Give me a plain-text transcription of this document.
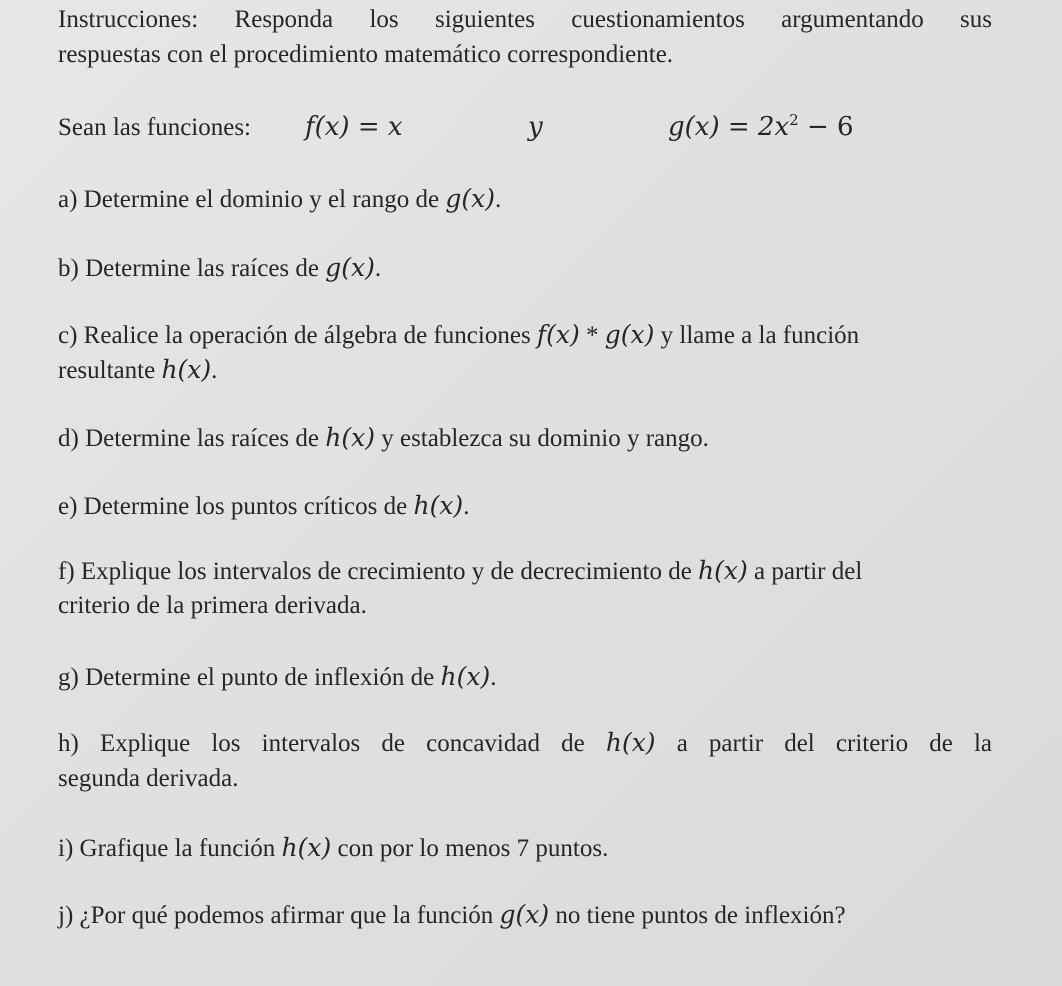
Instrucciones: Responda los siguientes cuestionamientos argumentando sus
respuestas con el procedimiento matemático correspondiente.
Sean las funciones: f(x) = x	y	$g(x) = 2x^2 - 6$
a) Determine el dominio y el rango de g(x).
b) Determine las raíces de g(x).
c) Realice la operación de álgebra de funciones f(x) * g(x) y llame a la función
resultante h(x).
d) Determine las raíces de h(x) y establezca su dominio y rango.
e) Determine los puntos críticos de h(x).
f) Explique los intervalos de crecimiento y de decrecimiento de h(x) a partir del
criterio de la primera derivada.
g) Determine el punto de inflexión de h(x).
h) Explique los intervalos de concavidad de h(x) a partir del criterio de la
segunda derivada.
i) Grafique la función h(x) con por lo menos 7 puntos.
j) ¿Por qué podemos afirmar que la función g(x) no tiene puntos de inflexión?
